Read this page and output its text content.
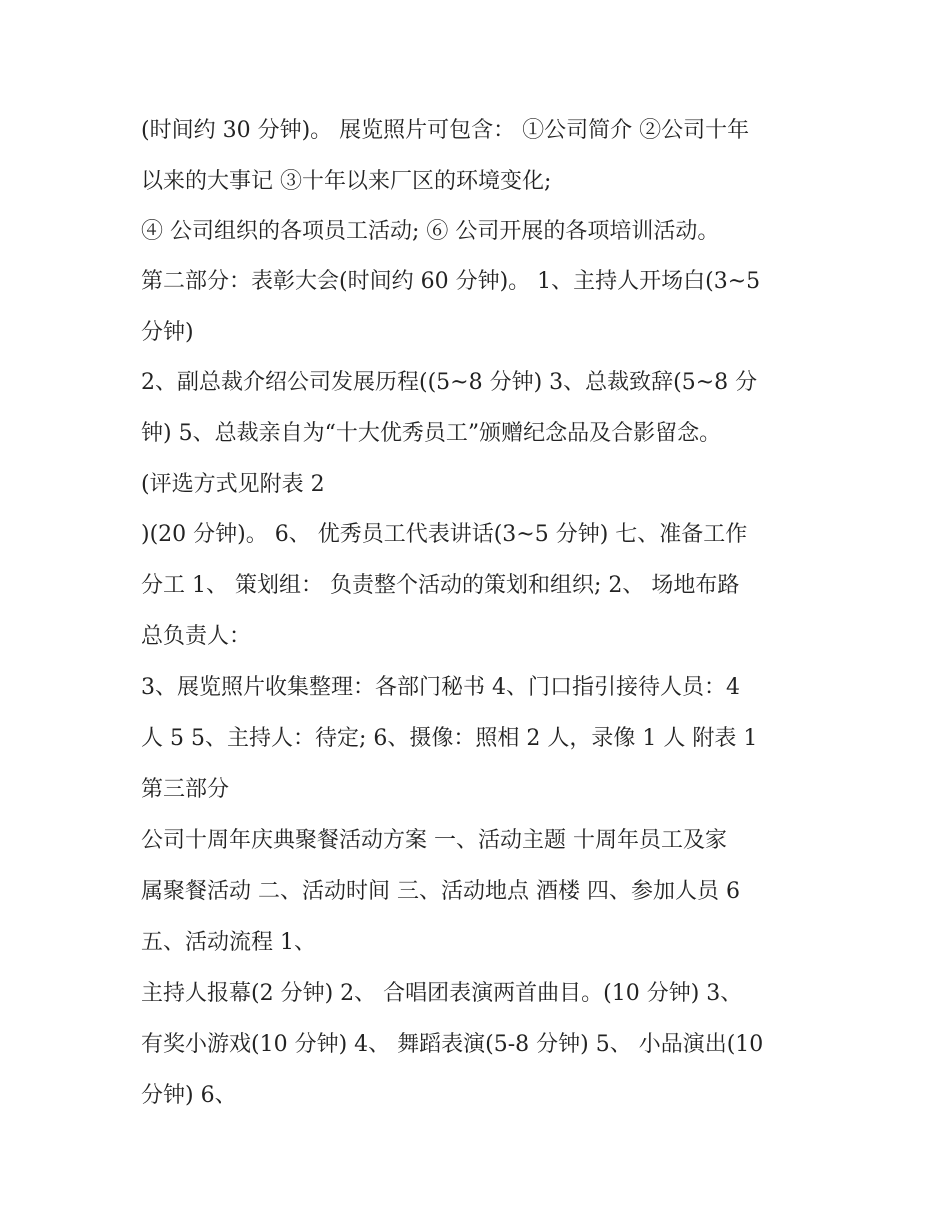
(时间约 30 分钟)。 展览照片可包含： ①公司简介 ②公司十年
以来的大事记 ③十年以来厂区的环境变化;
④ 公司组织的各项员工活动; ⑥ 公司开展的各项培训活动。
第二部分：表彰大会(时间约 60 分钟)。 1、主持人开场白(3~5
分钟)
2、副总裁介绍公司发展历程((5~8 分钟) 3、总裁致辞(5~8 分
钟) 5、总裁亲自为“十大优秀员工”颁赠纪念品及合影留念。
(评选方式见附表 2
)(20 分钟)。 6、 优秀员工代表讲话(3~5 分钟) 七、准备工作
分工 1、 策划组： 负责整个活动的策划和组织; 2、 场地布路
总负责人：
3、展览照片收集整理：各部门秘书 4、门口指引接待人员：4
人 5 5、主持人：待定; 6、摄像：照相 2 人，录像 1 人 附表 1
第三部分
公司十周年庆典聚餐活动方案 一、活动主题 十周年员工及家
属聚餐活动 二、活动时间 三、活动地点 酒楼 四、参加人员 6
五、活动流程 1、
主持人报幕(2 分钟) 2、 合唱团表演两首曲目。(10 分钟) 3、
有奖小游戏(10 分钟) 4、 舞蹈表演(5-8 分钟) 5、 小品演出(10
分钟) 6、
